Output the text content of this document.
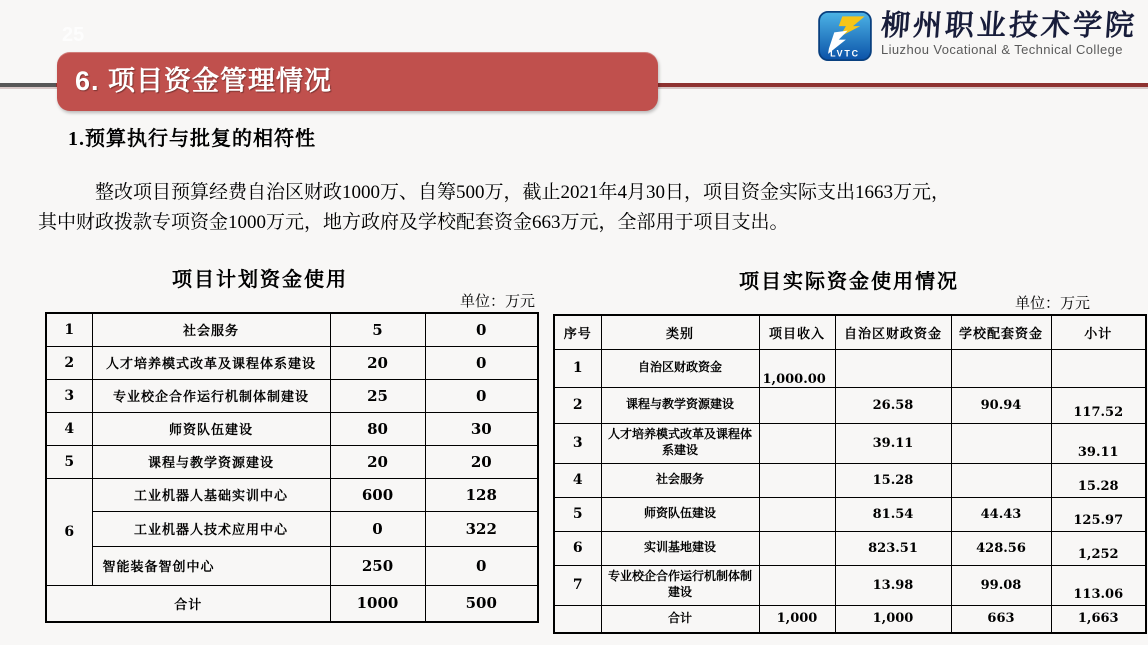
25
6. 项目资金管理情况
LVTC
柳州职业技术学院
Liuzhou Vocational & Technical College
1.预算执行与批复的相符性
整改项目预算经费自治区财政1000万、自筹500万，截止2021年4月30日，项目资金实际支出1663万元，
其中财政拨款专项资金1000万元，地方政府及学校配套资金663万元，全部用于项目支出。
项目计划资金使用
单位：万元
1	社会服务	5	0
2	人才培养模式改革及课程体系建设	20	0
3	专业校企合作运行机制体制建设	25	0
4	师资队伍建设	80	30
5	课程与教学资源建设	20	20
6	工业机器人基础实训中心	600	128
	工业机器人技术应用中心	0	322
	智能装备智创中心	250	0
合计		1000	500
项目实际资金使用情况
单位：万元
序号	类别	项目收入	自治区财政资金	学校配套资金	小计
1	自治区财政资金	1,000.00			
2	课程与教学资源建设		26.58	90.94	117.52
3	人才培养模式改革及课程体系建设		39.11		39.11
4	社会服务		15.28		15.28
5	师资队伍建设		81.54	44.43	125.97
6	实训基地建设		823.51	428.56	1,252
7	专业校企合作运行机制体制建设		13.98	99.08	113.06
	合计	1,000	1,000	663	1,663
